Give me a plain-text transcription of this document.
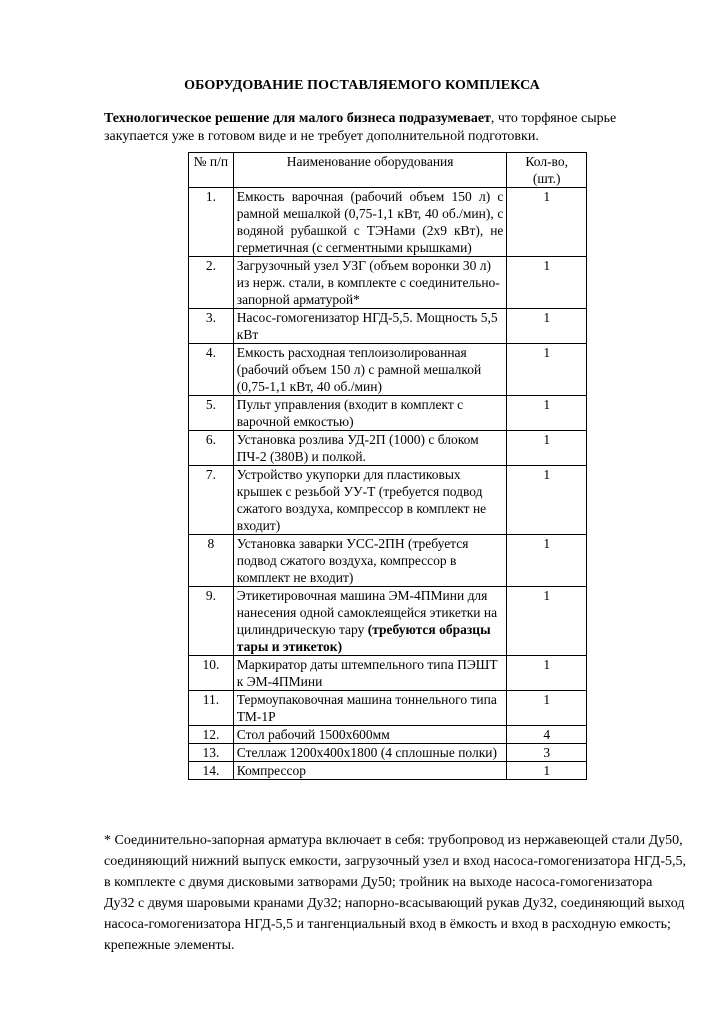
ОБОРУДОВАНИЕ ПОСТАВЛЯЕМОГО КОМПЛЕКСА
Технологическое решение для малого бизнеса подразумевает, что торфяное сырье закупается уже в готовом виде и не требует дополнительной подготовки.
№ п/п	Наименование оборудования	Кол-во, (шт.)
1.	Емкость варочная (рабочий объем 150 л) с рамной мешалкой (0,75-1,1 кВт, 40 об./мин), с водяной рубашкой с ТЭНами (2х9 кВт), не герметичная (с сегментными крышками)	1
2.	Загрузочный узел УЗГ (объем воронки 30 л) из нерж. стали, в комплекте с соединительно-запорной арматурой*	1
3.	Насос-гомогенизатор НГД-5,5. Мощность 5,5 кВт	1
4.	Емкость расходная теплоизолированная (рабочий объем 150 л) с рамной мешалкой (0,75-1,1 кВт, 40 об./мин)	1
5.	Пульт управления (входит в комплект с варочной емкостью)	1
6.	Установка розлива УД-2П (1000) с блоком ПЧ-2 (380В) и полкой.	1
7.	Устройство укупорки для пластиковых крышек с резьбой УУ-Т (требуется подвод сжатого воздуха, компрессор в комплект не входит)	1
8	Установка заварки УСС-2ПН (требуется подвод сжатого воздуха, компрессор в комплект не входит)	1
9.	Этикетировочная машина ЭМ-4ПМини для нанесения одной самоклеящейся этикетки на цилиндрическую тару (требуются образцы тары и этикеток)	1
10.	Маркиратор даты штемпельного типа ПЭШТ к ЭМ-4ПМини	1
11.	Термоупаковочная машина тоннельного типа ТМ-1Р	1
12.	Стол рабочий 1500х600мм	4
13.	Стеллаж 1200х400х1800 (4 сплошные полки)	3
14.	Компрессор	1
* Соединительно-запорная арматура включает в себя: трубопровод из нержавеющей стали Ду50, соединяющий нижний выпуск емкости, загрузочный узел и вход насоса-гомогенизатора НГД-5,5, в комплекте с двумя дисковыми затворами Ду50; тройник на выходе насоса-гомогенизатора Ду32 с двумя шаровыми кранами Ду32; напорно-всасывающий рукав Ду32, соединяющий выход насоса-гомогенизатора НГД-5,5 и тангенциальный вход в ёмкость и вход в расходную емкость; крепежные элементы.
